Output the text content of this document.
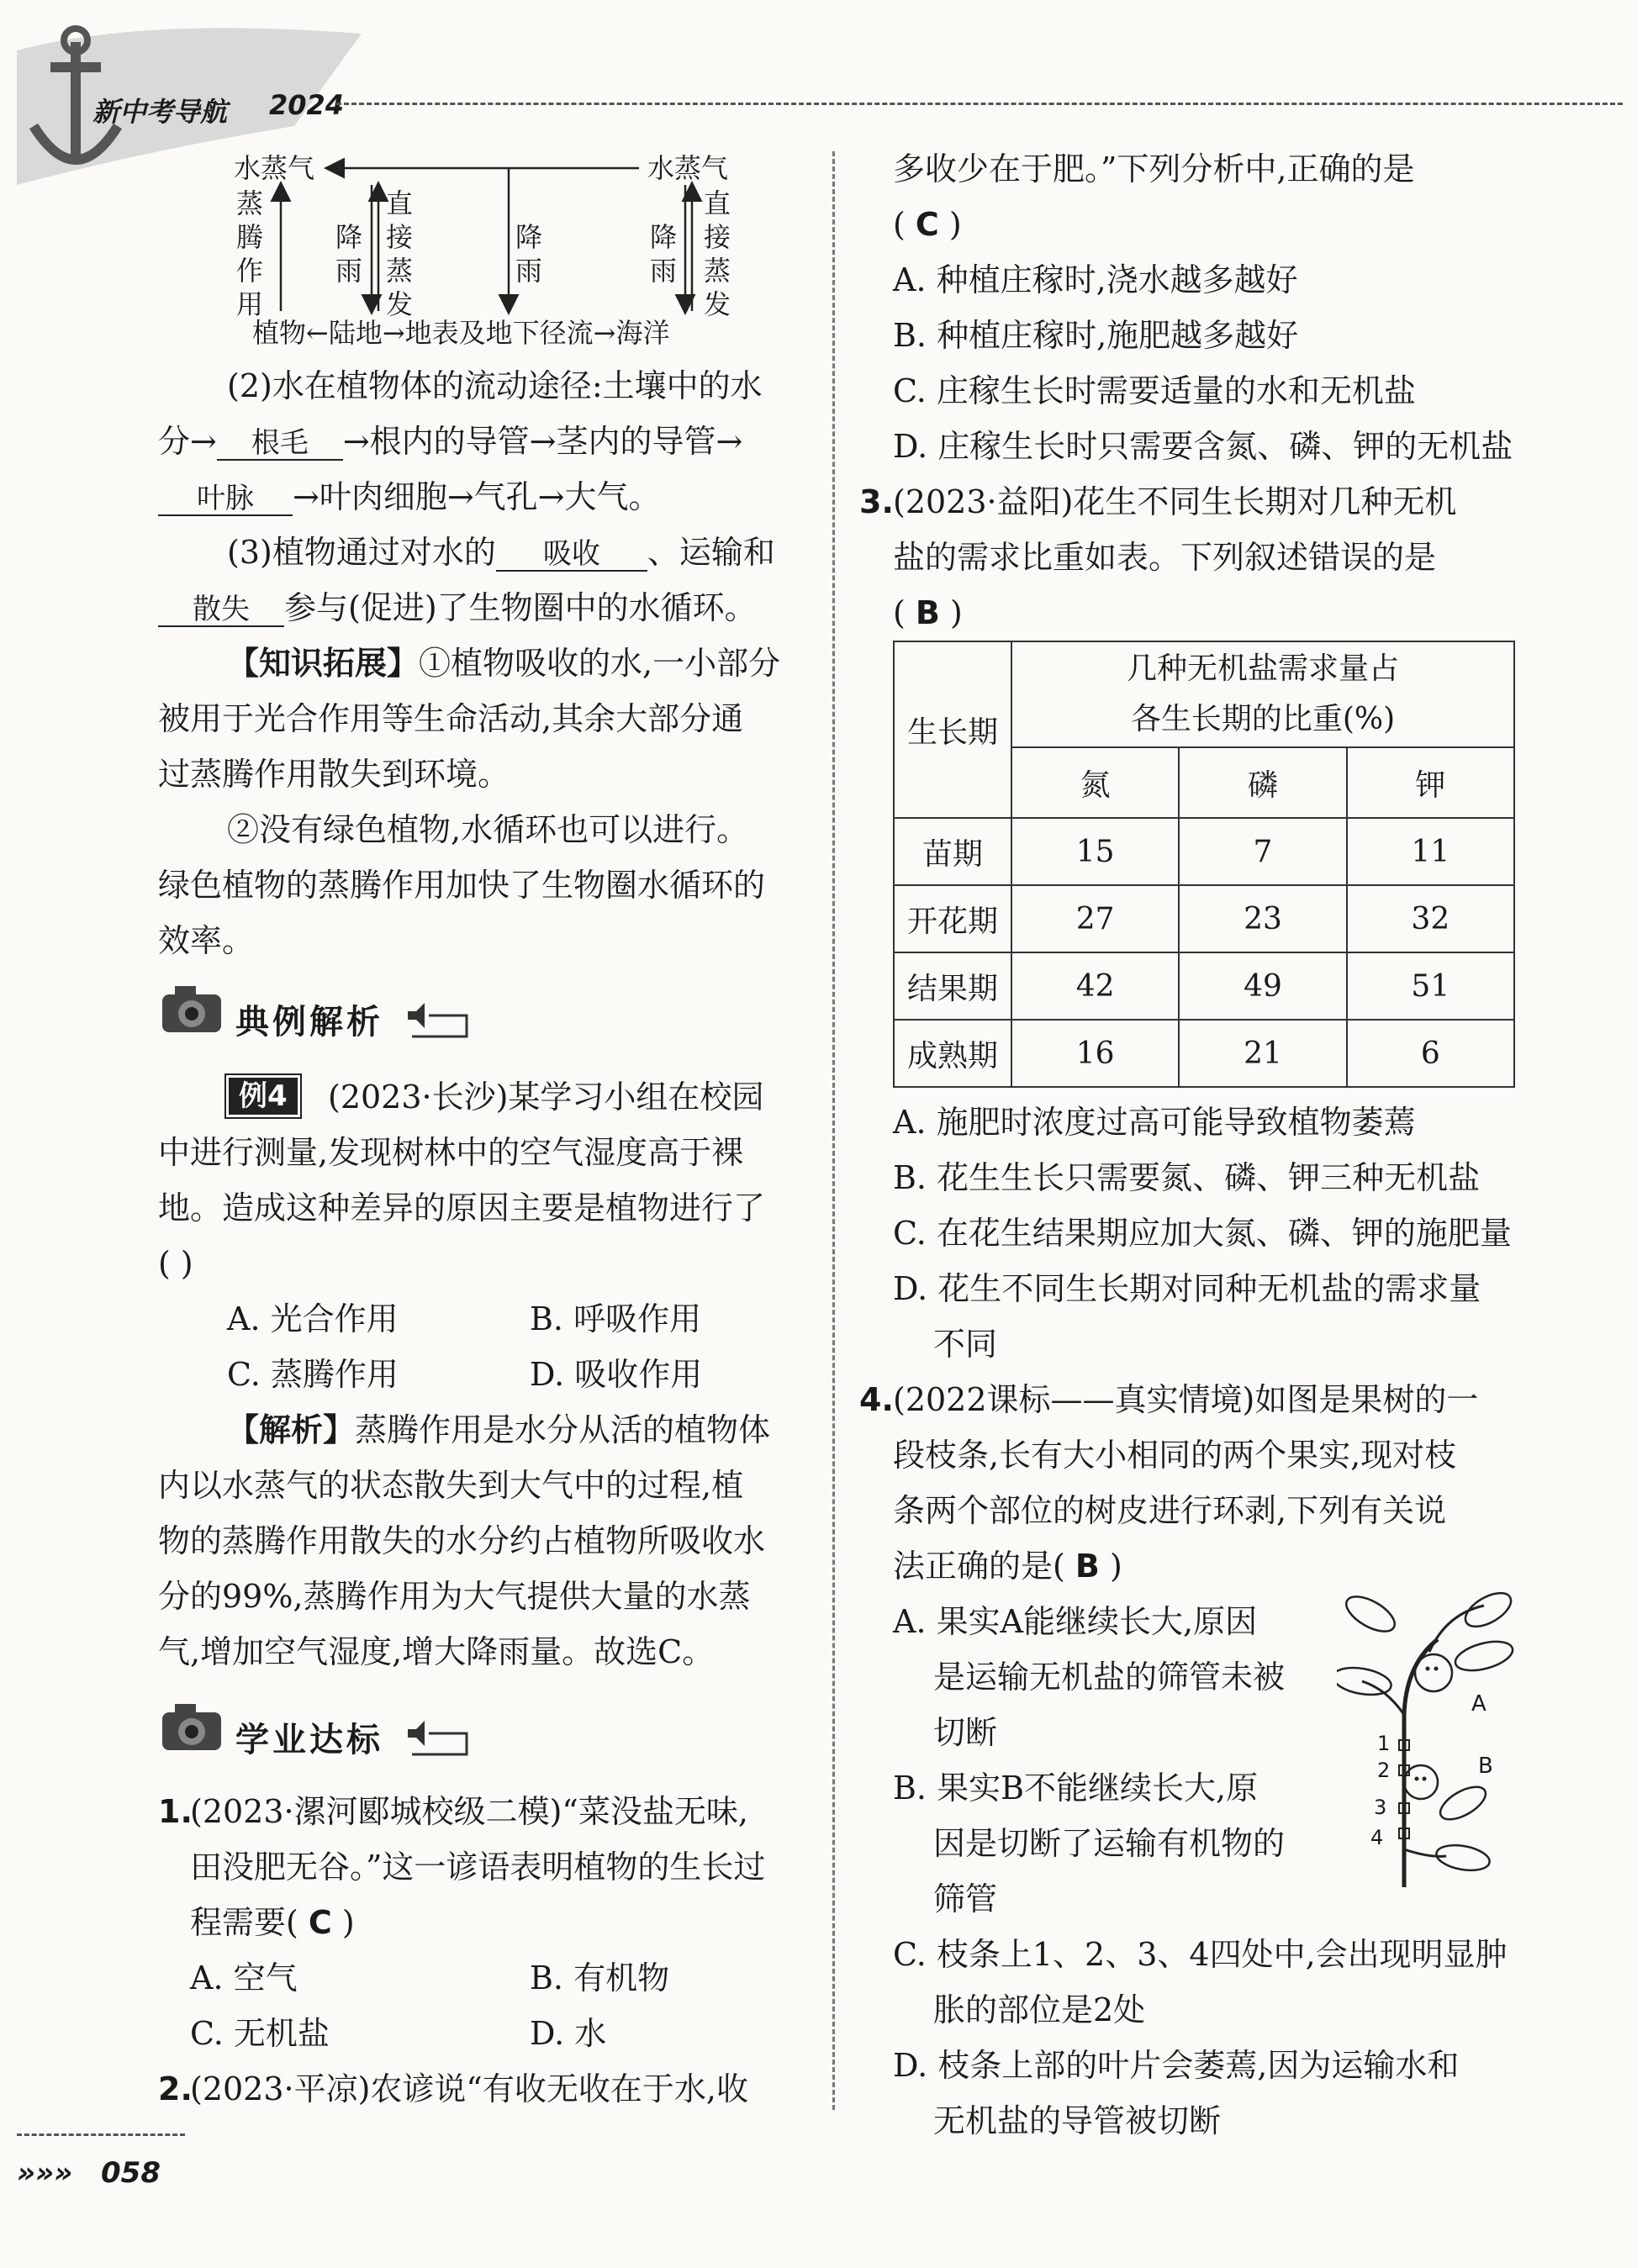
新中考导航 2024
水蒸气	水蒸气
蒸腾作用
降雨
直接蒸发
降雨
降雨
直接蒸发
植物←陆地→地表及地下径流→海洋
(2)水在植物体的流动途径:土壤中的水
分→ 根毛 →根内的导管→茎内的导管→
叶脉 →叶肉细胞→气孔→大气。
(3)植物通过对水的 吸收 、运输和
散失 参与(促进)了生物圈中的水循环。
【知识拓展】①植物吸收的水,一小部分
被用于光合作用等生命活动,其余大部分通
过蒸腾作用散失到环境。
②没有绿色植物,水循环也可以进行。
绿色植物的蒸腾作用加快了生物圈水循环的
效率。
典例解析
例4	(2023·长沙)某学习小组在校园
中进行测量,发现树林中的空气湿度高于裸
地。造成这种差异的原因主要是植物进行了
( )
A. 光合作用	B. 呼吸作用
C. 蒸腾作用	D. 吸收作用
【解析】蒸腾作用是水分从活的植物体
内以水蒸气的状态散失到大气中的过程,植
物的蒸腾作用散失的水分约占植物所吸收水
分的99%,蒸腾作用为大气提供大量的水蒸
气,增加空气湿度,增大降雨量。故选C。
学业达标
1.
(2023·漯河郾城校级二模)“菜没盐无味,
田没肥无谷。”这一谚语表明植物的生长过
程需要( C )
A. 空气	B. 有机物
C. 无机盐	D. 水
2.
(2023·平凉)农谚说“有收无收在于水,收
多收少在于肥。”下列分析中,正确的是
( C )
A. 种植庄稼时,浇水越多越好
B. 种植庄稼时,施肥越多越好
C. 庄稼生长时需要适量的水和无机盐
D. 庄稼生长时只需要含氮、磷、钾的无机盐
3. (2023·益阳)花生不同生长期对几种无机
盐的需求比重如表。下列叙述错误的是
( B )
生长期	几种无机盐需求量占
各生长期的比重(%)		

	氮	磷	钾
苗期	15	7	11
开花期	27	23	32
结果期	42	49	51
成熟期	16	21	6
A. 施肥时浓度过高可能导致植物萎蔫
B. 花生生长只需要氮、磷、钾三种无机盐
C. 在花生结果期应加大氮、磷、钾的施肥量
D. 花生不同生长期对同种无机盐的需求量
不同
4. (2022课标——真实情境)如图是果树的一
段枝条,长有大小相同的两个果实,现对枝
条两个部位的树皮进行环剥,下列有关说
法正确的是( B )
A. 果实A能继续长大,原因
是运输无机盐的筛管未被
切断
B. 果实B不能继续长大,原
因是切断了运输有机物的
筛管
C. 枝条上1、2、3、4四处中,会出现明显肿
胀的部位是2处
D. 枝条上部的叶片会萎蔫,因为运输水和
无机盐的导管被切断
A
B
1
2
3
4
»»» 058
